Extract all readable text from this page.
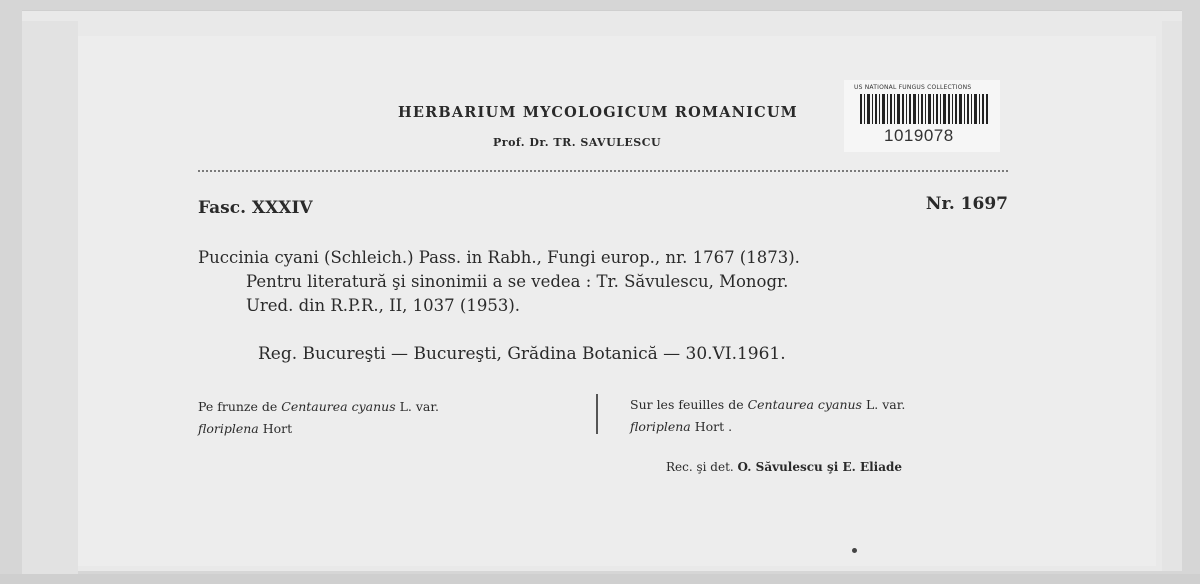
HERBARIUM MYCOLOGICUM ROMANICUM
Prof. Dr. TR. SAVULESCU
US NATIONAL FUNGUS COLLECTIONS
1019078
Fasc. XXXIV	Nr. 1697
Puccinia cyani (Schleich.) Pass. in Rabh., Fungi europ., nr. 1767 (1873).
Pentru literatură şi sinonimii a se vedea : Tr. Săvulescu, Monogr.
Ured. din R.P.R., II, 1037 (1953).
Reg. Bucureşti — Bucureşti, Grădina Botanică — 30.VI.1961.
Pe frunze de Centaurea cyanus L. var.
floriplena Hort
Sur les feuilles de Centaurea cyanus L. var.
floriplena Hort .
Rec. şi det. O. Săvulescu şi E. Eliade
